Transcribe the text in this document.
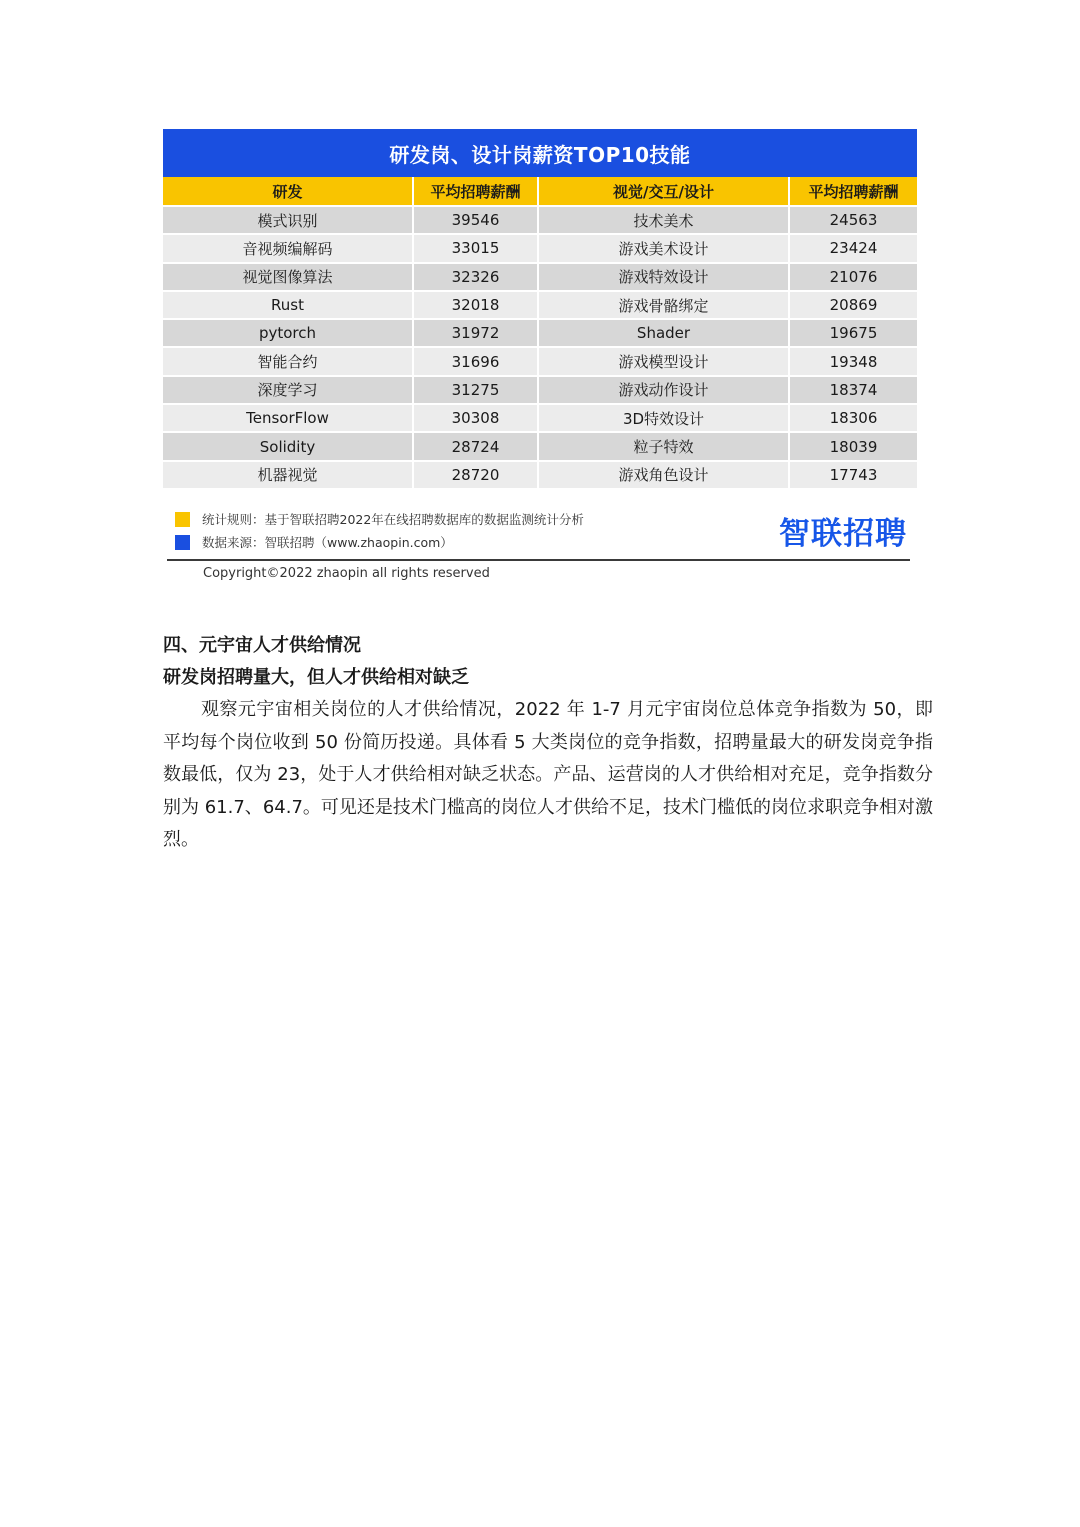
研发岗、设计岗薪资TOP10技能
研发	平均招聘薪酬	视觉/交互/设计	平均招聘薪酬
模式识别	39546	技术美术	24563
音视频编解码	33015	游戏美术设计	23424
视觉图像算法	32326	游戏特效设计	21076
Rust	32018	游戏骨骼绑定	20869
pytorch	31972	Shader	19675
智能合约	31696	游戏模型设计	19348
深度学习	31275	游戏动作设计	18374
TensorFlow	30308	3D特效设计	18306
Solidity	28724	粒子特效	18039
机器视觉	28720	游戏角色设计	17743
统计规则：基于智联招聘2022年在线招聘数据库的数据监测统计分析
数据来源：智联招聘（www.zhaopin.com）	智联招聘
Copyright©2022 zhaopin all rights reserved
四、元宇宙人才供给情况
研发岗招聘量大，但人才供给相对缺乏

观察元宇宙相关岗位的人才供给情况，2022 年 1-7 月元宇宙岗位总体竞争指数为 50，即平均每个岗位收到 50 份简历投递。具体看 5 大类岗位的竞争指数，招聘量最大的研发岗竞争指数最低，仅为 23，处于人才供给相对缺乏状态。产品、运营岗的人才供给相对充足，竞争指数分别为 61.7、64.7。可见还是技术门槛高的岗位人才供给不足，技术门槛低的岗位求职竞争相对激烈。
